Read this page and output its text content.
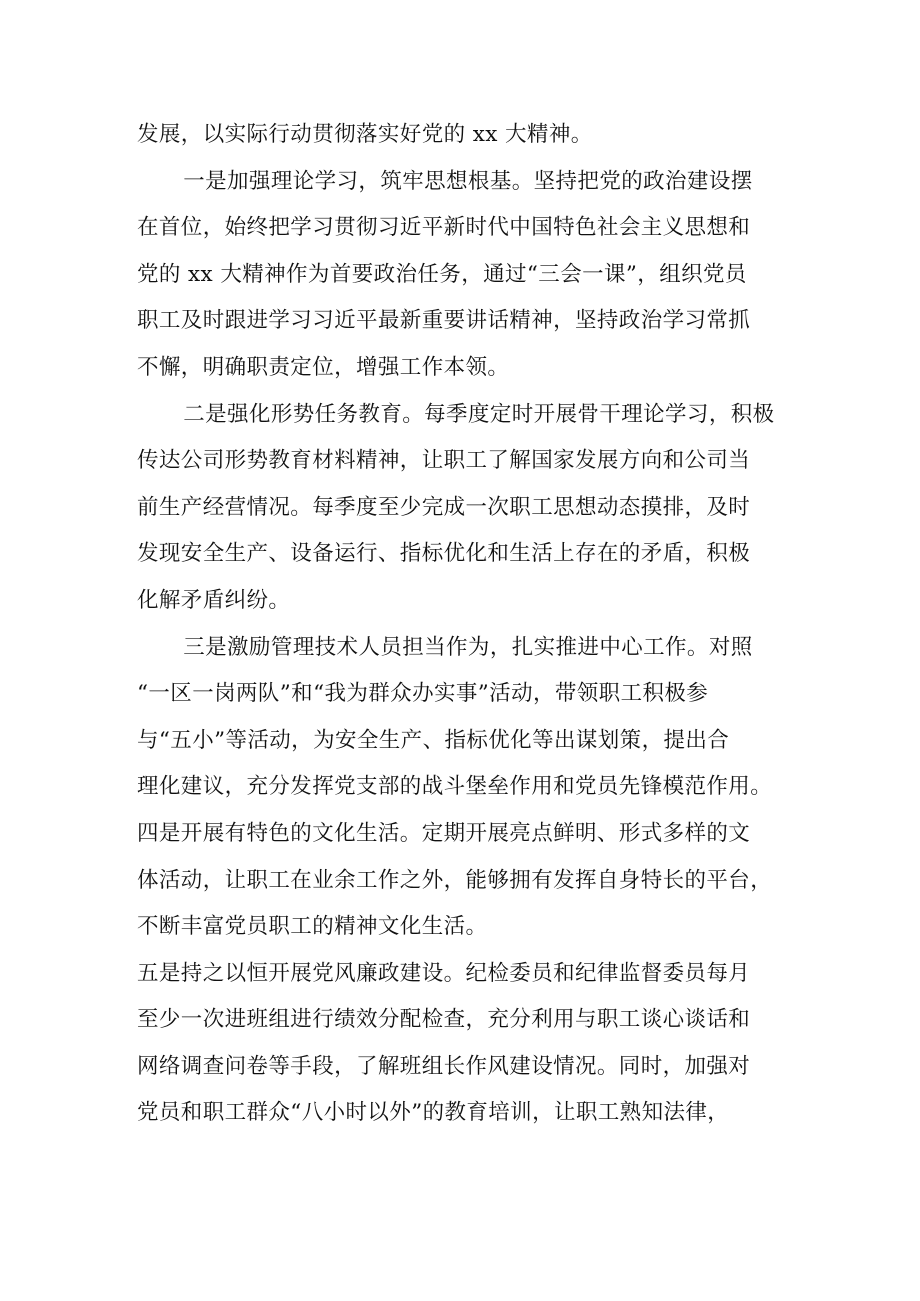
发展，以实际行动贯彻落实好党的 xx 大精神。

一是加强理论学习，筑牢思想根基。坚持把党的政治建设摆
在首位，始终把学习贯彻习近平新时代中国特色社会主义思想和
党的 xx 大精神作为首要政治任务，通过“三会一课”，组织党员
职工及时跟进学习习近平最新重要讲话精神，坚持政治学习常抓
不懈，明确职责定位，增强工作本领。

二是强化形势任务教育。每季度定时开展骨干理论学习，积极
传达公司形势教育材料精神，让职工了解国家发展方向和公司当
前生产经营情况。每季度至少完成一次职工思想动态摸排，及时
发现安全生产、设备运行、指标优化和生活上存在的矛盾，积极
化解矛盾纠纷。

三是激励管理技术人员担当作为，扎实推进中心工作。对照
“一区一岗两队”和“我为群众办实事”活动，带领职工积极参
与“五小”等活动，为安全生产、指标优化等出谋划策，提出合
理化建议，充分发挥党支部的战斗堡垒作用和党员先锋模范作用。

四是开展有特色的文化生活。定期开展亮点鲜明、形式多样的文
体活动，让职工在业余工作之外，能够拥有发挥自身特长的平台，
不断丰富党员职工的精神文化生活。

五是持之以恒开展党风廉政建设。纪检委员和纪律监督委员每月
至少一次进班组进行绩效分配检查，充分利用与职工谈心谈话和
网络调查问卷等手段，了解班组长作风建设情况。同时，加强对
党员和职工群众“八小时以外”的教育培训，让职工熟知法律，
